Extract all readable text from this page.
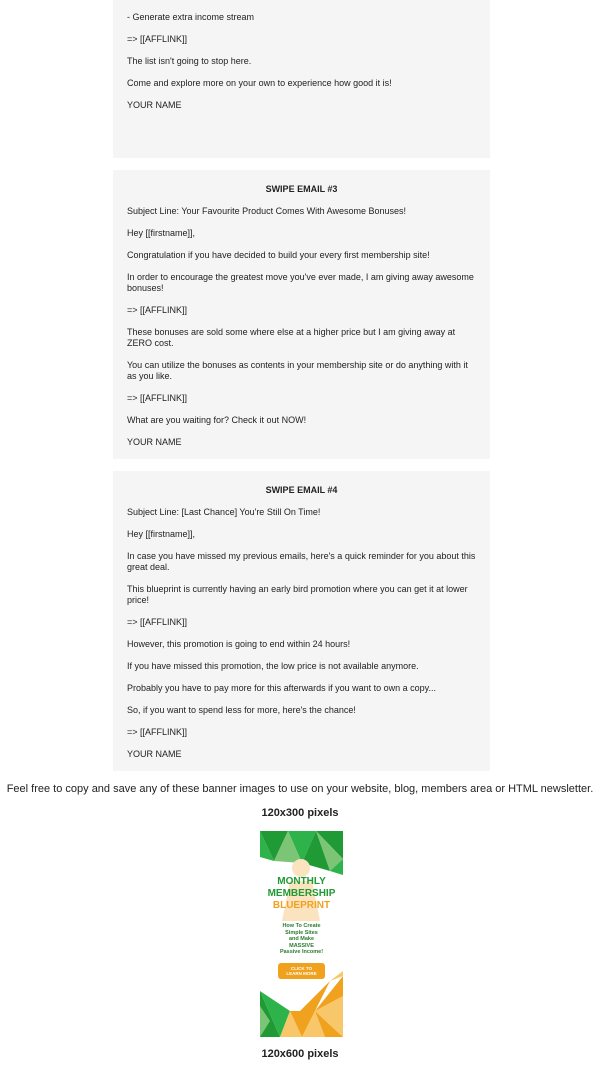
- Generate extra income stream

=> [[AFFLINK]]

The list isn't going to stop here.

Come and explore more on your own to experience how good it is!

YOUR NAME

SWIPE EMAIL #3

Subject Line: Your Favourite Product Comes With Awesome Bonuses!

Hey [[firstname]],

Congratulation if you have decided to build your every first membership site!

In order to encourage the greatest move you've ever made, I am giving away awesome bonuses!

=> [[AFFLINK]]

These bonuses are sold some where else at a higher price but I am giving away at ZERO cost.

You can utilize the bonuses as contents in your membership site or do anything with it as you like.

=> [[AFFLINK]]

What are you waiting for? Check it out NOW!

YOUR NAME

SWIPE EMAIL #4

Subject Line: [Last Chance] You're Still On Time!

Hey [[firstname]],

In case you have missed my previous emails, here's a quick reminder for you about this great deal.

This blueprint is currently having an early bird promotion where you can get it at lower price!

=> [[AFFLINK]]

However, this promotion is going to end within 24 hours!

If you have missed this promotion, the low price is not available anymore.

Probably you have to pay more for this afterwards if you want to own a copy...

So, if you want to spend less for more, here's the chance!

=> [[AFFLINK]]

YOUR NAME

Feel free to copy and save any of these banner images to use on your website, blog, members area or HTML newsletter.
120x300 pixels
MONTHLY
MEMBERSHIP
BLUEPRINT
How To Create
Simple Sites
and Make
MASSIVE
Passive Income!
CLICK TO
LEARN MORE
120x600 pixels
